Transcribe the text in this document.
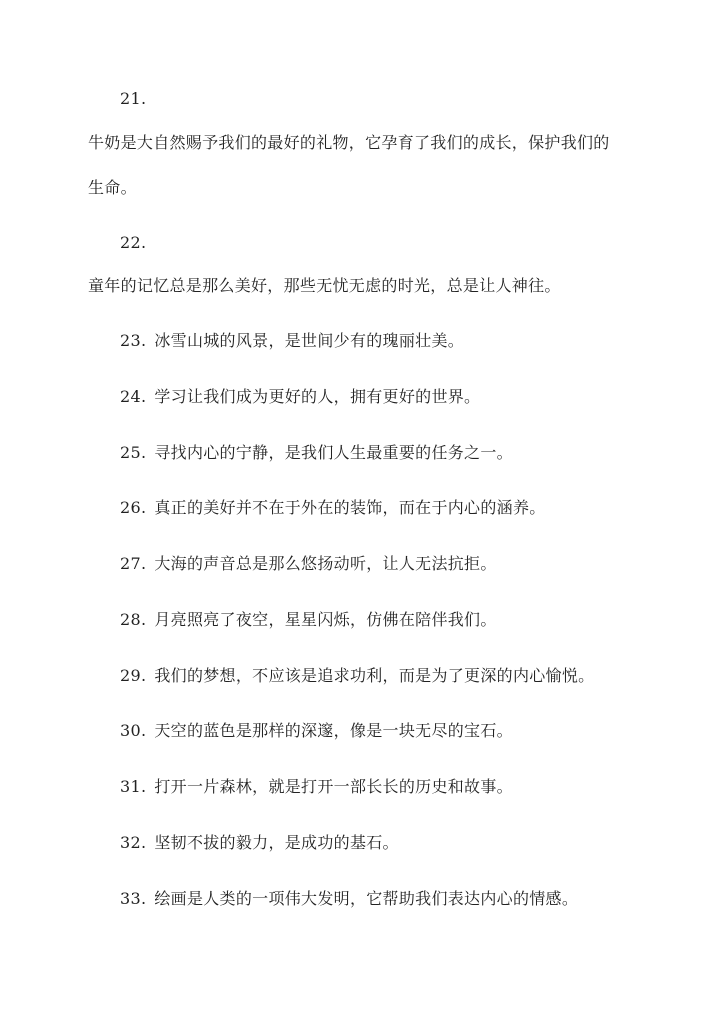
21.
牛奶是大自然赐予我们的最好的礼物，它孕育了我们的成长，保护我们的
生命。
22.
童年的记忆总是那么美好，那些无忧无虑的时光，总是让人神往。
23. 冰雪山城的风景，是世间少有的瑰丽壮美。
24. 学习让我们成为更好的人，拥有更好的世界。
25. 寻找内心的宁静，是我们人生最重要的任务之一。
26. 真正的美好并不在于外在的装饰，而在于内心的涵养。
27. 大海的声音总是那么悠扬动听，让人无法抗拒。
28. 月亮照亮了夜空，星星闪烁，仿佛在陪伴我们。
29. 我们的梦想，不应该是追求功利，而是为了更深的内心愉悦。
30. 天空的蓝色是那样的深邃，像是一块无尽的宝石。
31. 打开一片森林，就是打开一部长长的历史和故事。
32. 坚韧不拔的毅力，是成功的基石。
33. 绘画是人类的一项伟大发明，它帮助我们表达内心的情感。
